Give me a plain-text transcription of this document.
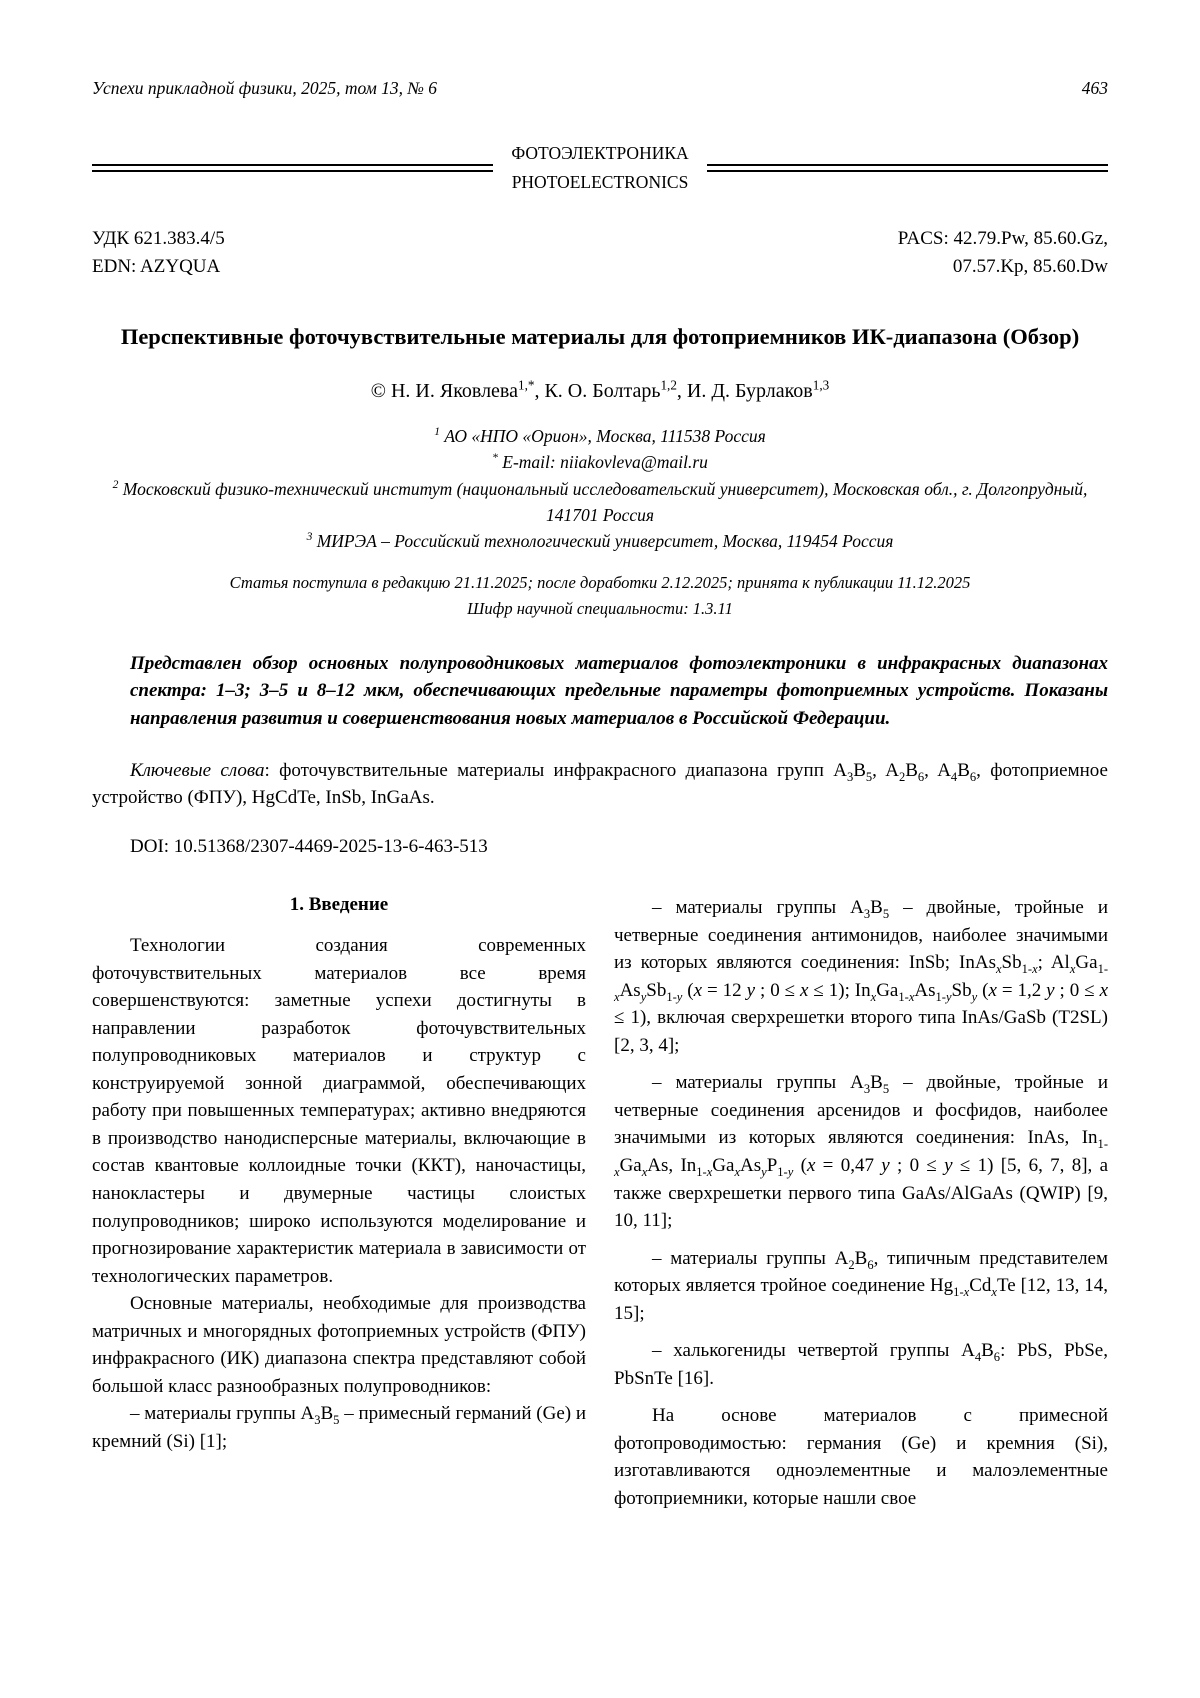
Успехи прикладной физики, 2025, том 13, № 6	463
ФОТОЭЛЕКТРОНИКА
PHOTOELECTRONICS
УДК 621.383.4/5
EDN: AZYQUA
PACS: 42.79.Pw, 85.60.Gz,
07.57.Kp, 85.60.Dw
Перспективные фоточувствительные материалы для фотоприемников ИК-диапазона (Обзор)
© Н. И. Яковлева$^{1,*}$, К. О. Болтарь$^{1,2}$, И. Д. Бурлаков$^{1,3}$
$^1$ АО «НПО «Орион», Москва, 111538 Россия
* E-mail: niiakovleva@mail.ru
$^2$ Московский физико-технический институт (национальный исследовательский университет), Московская обл., г. Долгопрудный, 141701 Россия
$^3$ МИРЭА – Российский технологический университет, Москва, 119454 Россия
Статья поступила в редакцию 21.11.2025; после доработки 2.12.2025; принята к публикации 11.12.2025
Шифр научной специальности: 1.3.11
Представлен обзор основных полупроводниковых материалов фотоэлектроники в инфракрасных диапазонах спектра: 1–3; 3–5 и 8–12 мкм, обеспечивающих предельные параметры фотоприемных устройств. Показаны направления развития и совершенствования новых материалов в Российской Федерации.
Ключевые слова: фоточувствительные материалы инфракрасного диапазона групп $A_3B_5$, $A_2B_6$, $A_4B_6$, фотоприемное устройство (ФПУ), HgCdTe, InSb, InGaAs.
DOI: 10.51368/2307-4469-2025-13-6-463-513
1. Введение

Технологии создания современных фоточувствительных материалов все время совершенствуются: заметные успехи достигнуты в направлении разработок фоточувствительных полупроводниковых материалов и структур с конструируемой зонной диаграммой, обеспечивающих работу при повышенных температурах; активно внедряются в производство нанодисперсные материалы, включающие в состав квантовые коллоидные точки (ККТ), наночастицы, нанокластеры и двумерные частицы слоистых полупроводников; широко используются моделирование и прогнозирование характеристик материала в зависимости от технологических параметров.

Основные материалы, необходимые для производства матричных и многорядных фотоприемных устройств (ФПУ) инфракрасного (ИК) диапазона спектра представляют собой большой класс разнообразных полупроводников:

– материалы группы $A_3B_5$ – примесный германий (Ge) и кремний (Si) [1];

– материалы группы $A_3B_5$ – двойные, тройные и четверные соединения антимонидов, наиболее значимыми из которых являются соединения: InSb; $InAs_xSb_{1-x}$; $Al_xGa_{1-x}As_ySb_{1-y}$ (x = 12 y ; 0 ≤ x ≤ 1); $In_xGa_{1-x}As_{1-y}Sb_y$ (x = 1,2 y ; 0 ≤ x ≤ 1), включая сверхрешетки второго типа InAs/GaSb (T2SL) [2, 3, 4];

– материалы группы $A_3B_5$ – двойные, тройные и четверные соединения арсенидов и фосфидов, наиболее значимыми из которых являются соединения: InAs, $In_{1-x}Ga_xAs$, $In_{1-x}Ga_xAs_yP_{1-y}$ (x = 0,47 y ; 0 ≤ y ≤ 1) [5, 6, 7, 8], а также сверхрешетки первого типа GaAs/AlGaAs (QWIP) [9, 10, 11];

– материалы группы $A_2B_6$, типичным представителем которых является тройное соединение $Hg_{1-x}Cd_xTe$ [12, 13, 14, 15];

– халькогениды четвертой группы $A_4B_6$: PbS, PbSe, PbSnTe [16].

На основе материалов с примесной фотопроводимостью: германия (Ge) и кремния (Si), изготавливаются одноэлементные и малоэлементные фотоприемники, которые нашли свое
